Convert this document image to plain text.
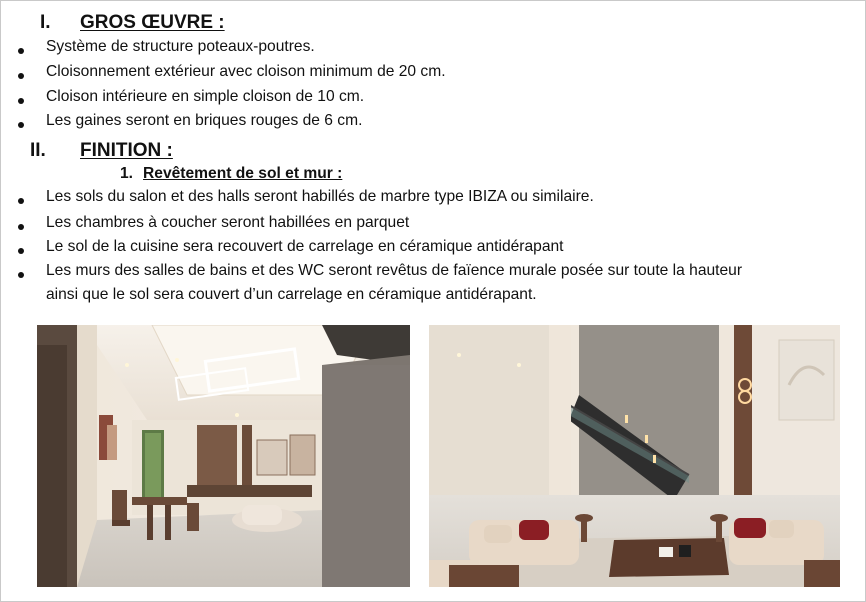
I. GROS ŒUVRE :
Système de structure poteaux-poutres.
Cloisonnement extérieur avec cloison minimum de 20 cm.
Cloison intérieure en simple cloison de 10 cm.
Les gaines seront en briques rouges de 6 cm.
II. FINITION :
1. Revêtement de sol et mur :
Les sols du salon et des halls seront habillés de marbre type IBIZA ou similaire.
Les chambres à coucher seront habillées en parquet
Le sol de la cuisine sera recouvert de carrelage en céramique antidérapant
Les murs des salles de bains et des WC seront revêtus de faïence murale posée sur toute la hauteur
ainsi que le sol sera couvert d’un carrelage en céramique antidérapant.
